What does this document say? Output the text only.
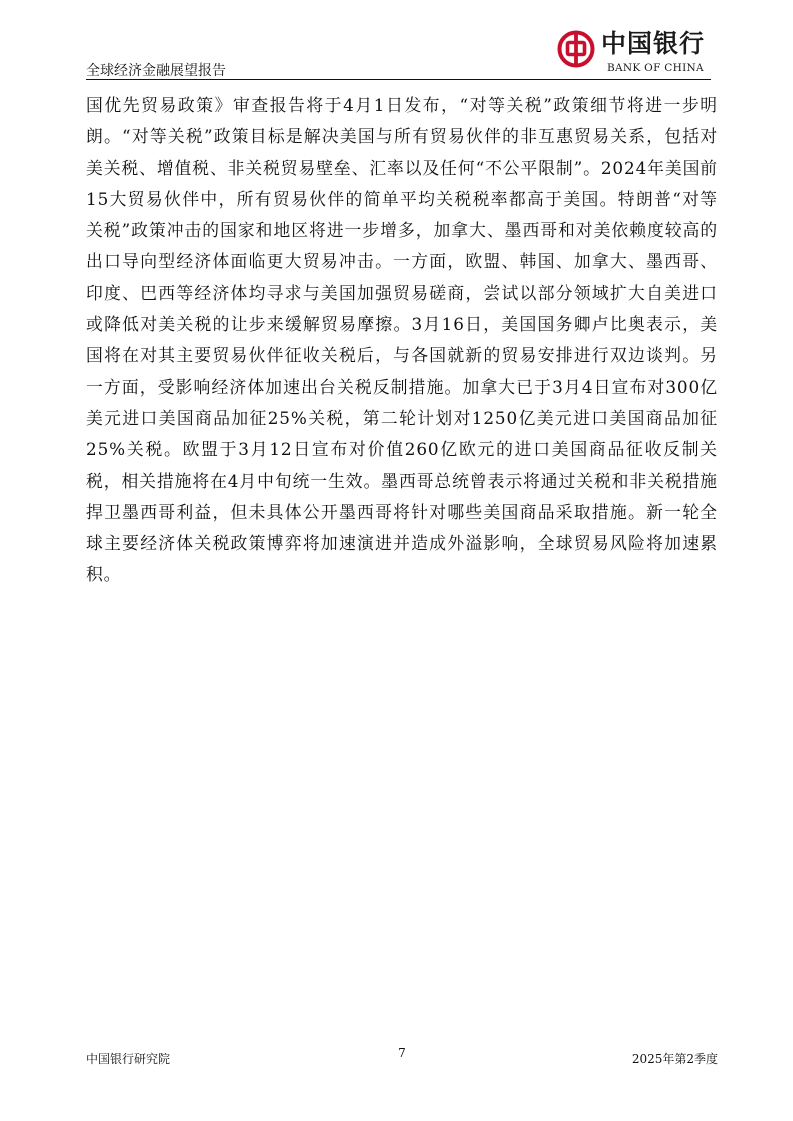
全球经济金融展望报告
中国银行
BANK OF CHINA
国优先贸易政策》审查报告将于4月1日发布，“对等关税”政策细节将进一步明朗。“对等关税”政策目标是解决美国与所有贸易伙伴的非互惠贸易关系，包括对美关税、增值税、非关税贸易壁垒、汇率以及任何“不公平限制”。2024年美国前15大贸易伙伴中，所有贸易伙伴的简单平均关税税率都高于美国。特朗普“对等关税”政策冲击的国家和地区将进一步增多，加拿大、墨西哥和对美依赖度较高的出口导向型经济体面临更大贸易冲击。一方面，欧盟、韩国、加拿大、墨西哥、印度、巴西等经济体均寻求与美国加强贸易磋商，尝试以部分领域扩大自美进口或降低对美关税的让步来缓解贸易摩擦。3月16日，美国国务卿卢比奥表示，美国将在对其主要贸易伙伴征收关税后，与各国就新的贸易安排进行双边谈判。另一方面，受影响经济体加速出台关税反制措施。加拿大已于3月4日宣布对300亿美元进口美国商品加征25%关税，第二轮计划对1250亿美元进口美国商品加征25%关税。欧盟于3月12日宣布对价值260亿欧元的进口美国商品征收反制关税，相关措施将在4月中旬统一生效。墨西哥总统曾表示将通过关税和非关税措施捍卫墨西哥利益，但未具体公开墨西哥将针对哪些美国商品采取措施。新一轮全球主要经济体关税政策博弈将加速演进并造成外溢影响，全球贸易风险将加速累积。
中国银行研究院	7	2025年第2季度
